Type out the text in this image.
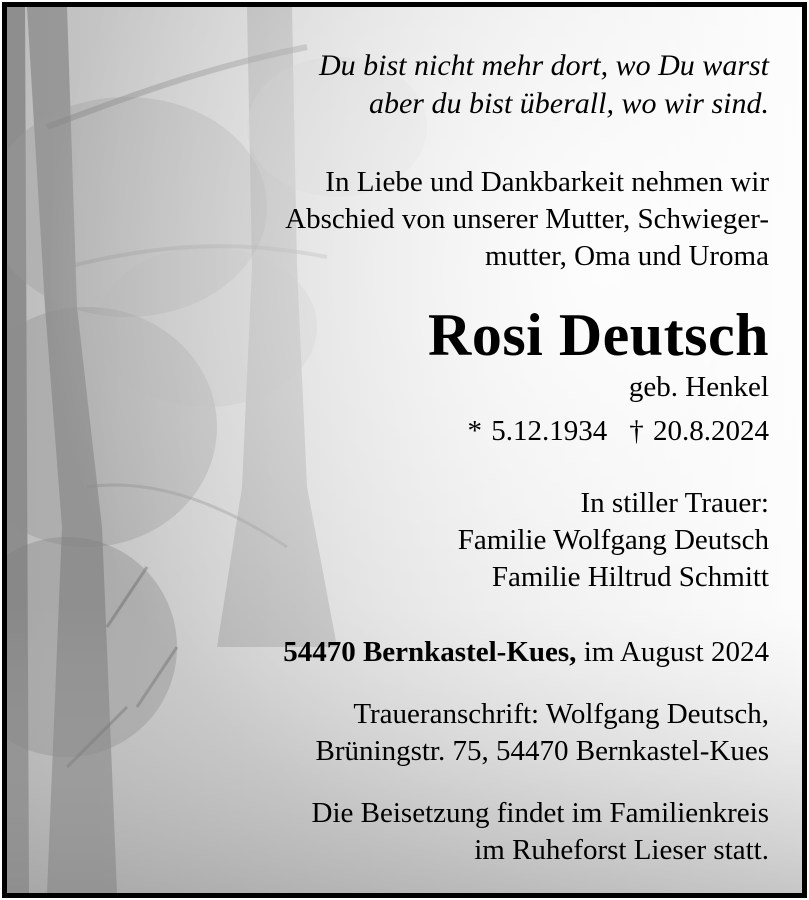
Du bist nicht mehr dort, wo Du warst
aber du bist überall, wo wir sind.
In Liebe und Dankbarkeit nehmen wir
Abschied von unserer Mutter, Schwieger-
mutter, Oma und Uroma
Rosi Deutsch
geb. Henkel
* 5.12.1934 † 20.8.2024
In stiller Trauer:
Familie Wolfgang Deutsch
Familie Hiltrud Schmitt
54470 Bernkastel-Kues, im August 2024
Traueranschrift: Wolfgang Deutsch,
Brüningstr. 75, 54470 Bernkastel-Kues
Die Beisetzung findet im Familienkreis
im Ruheforst Lieser statt.
